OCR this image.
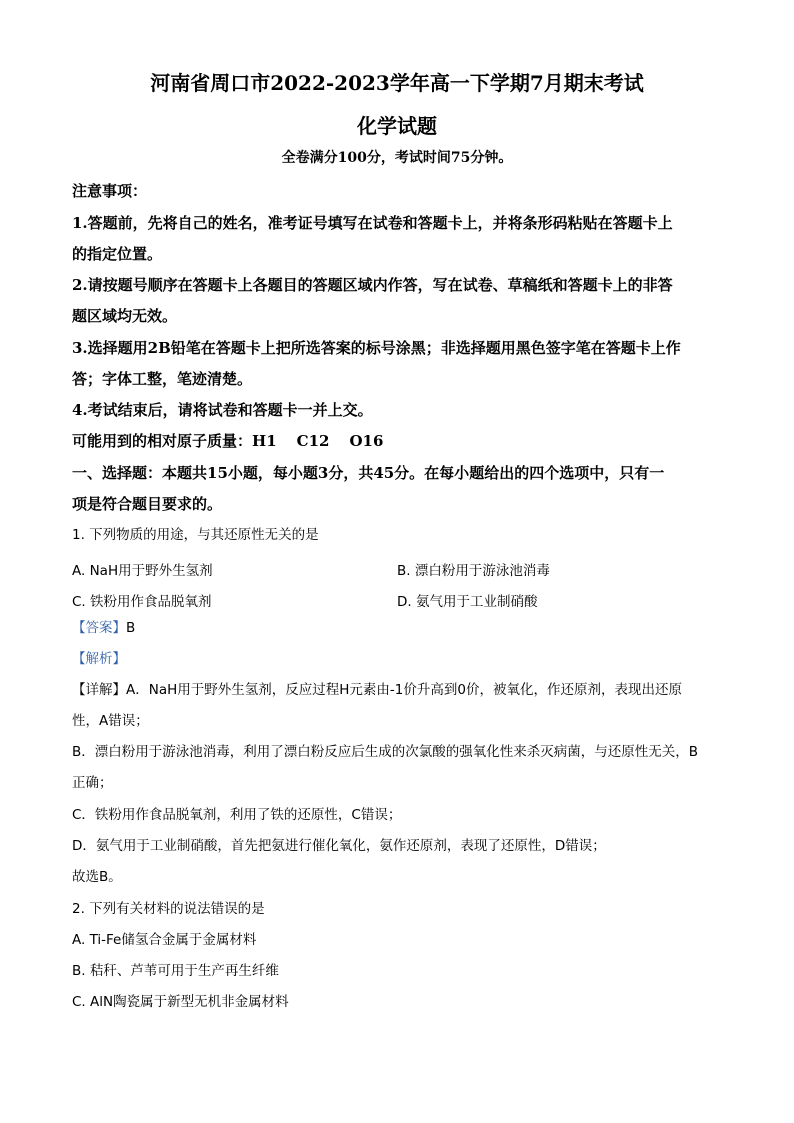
河南省周口市2022-2023学年高一下学期7月期末考试
化学试题
全卷满分100分，考试时间75分钟。
注意事项：
1.答题前，先将自己的姓名，准考证号填写在试卷和答题卡上，并将条形码粘贴在答题卡上
的指定位置。
2.请按题号顺序在答题卡上各题目的答题区域内作答，写在试卷、草稿纸和答题卡上的非答
题区域均无效。
3.选择题用2B铅笔在答题卡上把所选答案的标号涂黑；非选择题用黑色签字笔在答题卡上作
答；字体工整，笔迹清楚。
4.考试结束后，请将试卷和答题卡一并上交。
可能用到的相对原子质量：H1 C12 O16
一、选择题：本题共15小题，每小题3分，共45分。在每小题给出的四个选项中，只有一
项是符合题目要求的。
1. 下列物质的用途，与其还原性无关的是
A. NaH用于野外生氢剂	B. 漂白粉用于游泳池消毒
C. 铁粉用作食品脱氧剂	D. 氨气用于工业制硝酸
【答案】B
【解析】
【详解】A．NaH用于野外生氢剂，反应过程H元素由-1价升高到0价，被氧化，作还原剂，表现出还原
性，A错误；
B．漂白粉用于游泳池消毒，利用了漂白粉反应后生成的次氯酸的强氧化性来杀灭病菌，与还原性无关，B
正确；
C．铁粉用作食品脱氧剂，利用了铁的还原性，C错误；
D．氨气用于工业制硝酸，首先把氨进行催化氧化，氨作还原剂，表现了还原性，D错误；
故选B。
2. 下列有关材料的说法错误的是
A. Ti-Fe储氢合金属于金属材料
B. 秸秆、芦苇可用于生产再生纤维
C. AlN陶瓷属于新型无机非金属材料
